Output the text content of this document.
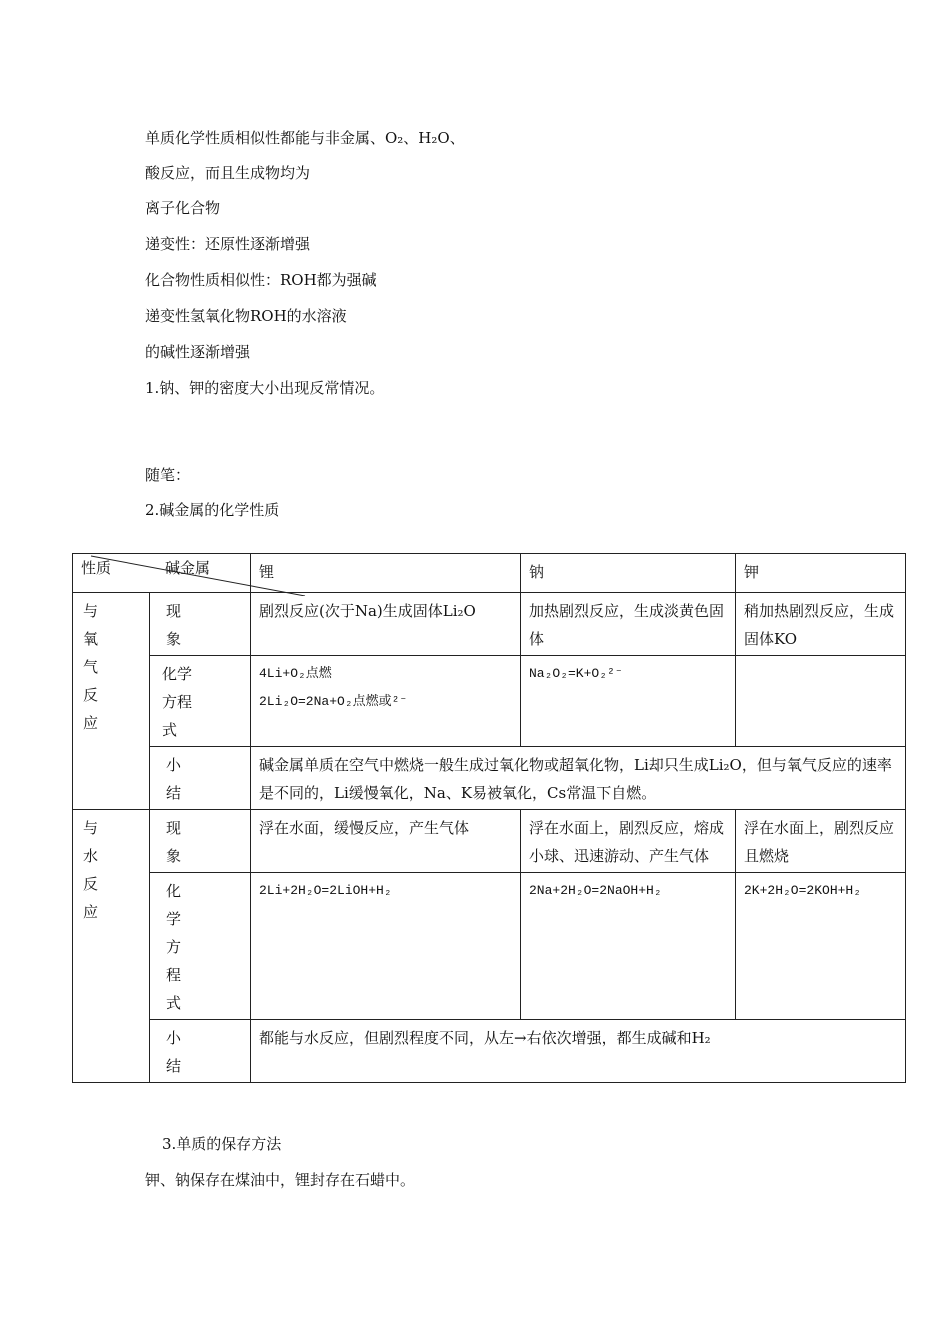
单质化学性质相似性都能与非金属、O₂、H₂O、
酸反应，而且生成物均为
离子化合物
递变性：还原性逐渐增强
化合物性质相似性：ROH都为强碱
递变性氢氧化物ROH的水溶液
的碱性逐渐增强
1.钠、钾的密度大小出现反常情况。
随笔：
2.碱金属的化学性质
性质 碱金属		锂	钠	钾

与氧气反应	现象	剧烈反应(次于Na)生成固体Li₂O	加热剧烈反应，生成淡黄色固体	稍加热剧烈反应，生成固体KO

	化学方程式	4Li+O₂点燃
2Li₂O=2Na+O₂点燃或²⁻	Na₂O₂=K+O₂²⁻	

	小结	碱金属单质在空气中燃烧一般生成过氧化物或超氧化物，Li却只生成Li₂O，但与氧气反应的速率是不同的，Li缓慢氧化，Na、K易被氧化，Cs常温下自燃。		

与水反应	现象	浮在水面，缓慢反应，产生气体	浮在水面上，剧烈反应，熔成小球、迅速游动、产生气体	浮在水面上，剧烈反应且燃烧

	化学方程式	2Li+2H₂O=2LiOH+H₂	2Na+2H₂O=2NaOH+H₂	2K+2H₂O=2KOH+H₂

	小结	都能与水反应，但剧烈程度不同，从左→右依次增强，都生成碱和H₂		
3.单质的保存方法
钾、钠保存在煤油中，锂封存在石蜡中。
